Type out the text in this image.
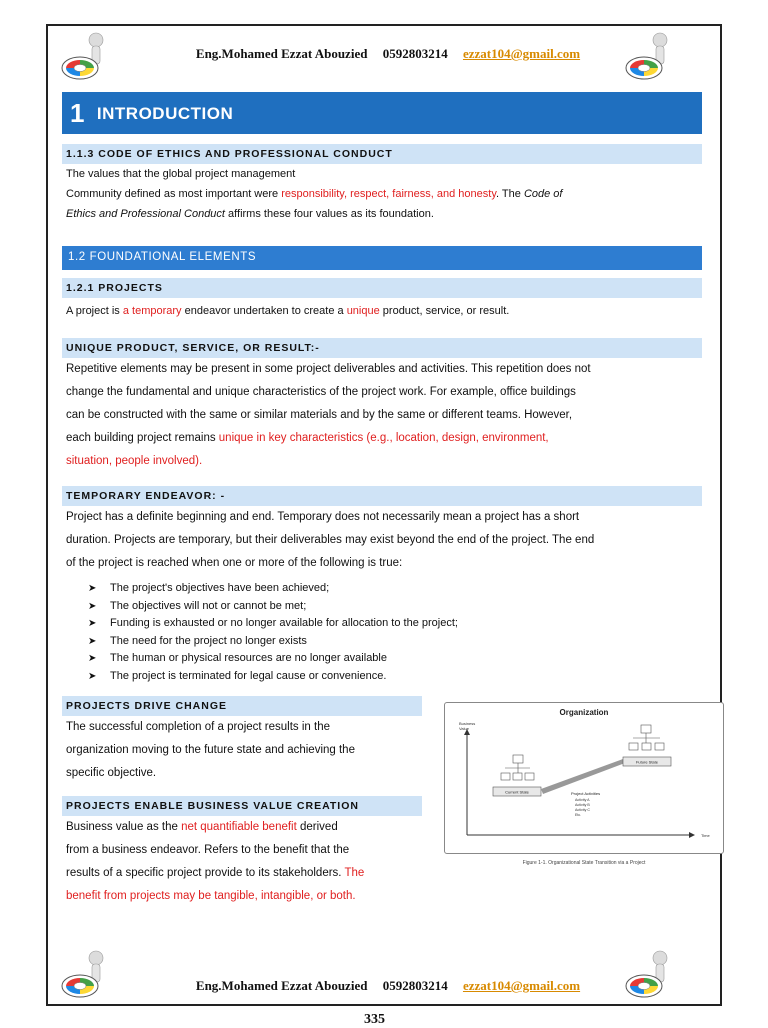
Eng.Mohamed Ezzat Abouzied 0592803214 ezzat104@gmail.com
1 INTRODUCTION
1.1.3 CODE OF ETHICS AND PROFESSIONAL CONDUCT
The values that the global project management
Community defined as most important were responsibility, respect, fairness, and honesty. The Code of
Ethics and Professional Conduct affirms these four values as its foundation.
1.2 FOUNDATIONAL ELEMENTS
1.2.1 PROJECTS
A project is a temporary endeavor undertaken to create a unique product, service, or result.
UNIQUE PRODUCT, SERVICE, OR RESULT:-
Repetitive elements may be present in some project deliverables and activities. This repetition does not
change the fundamental and unique characteristics of the project work. For example, office buildings
can be constructed with the same or similar materials and by the same or different teams. However,
each building project remains unique in key characteristics (e.g., location, design, environment,
situation, people involved).
TEMPORARY ENDEAVOR: -
Project has a definite beginning and end. Temporary does not necessarily mean a project has a short
duration. Projects are temporary, but their deliverables may exist beyond the end of the project. The end
of the project is reached when one or more of the following is true:
➤ The project's objectives have been achieved;
➤ The objectives will not or cannot be met;
➤ Funding is exhausted or no longer available for allocation to the project;
➤ The need for the project no longer exists
➤ The human or physical resources are no longer available
➤ The project is terminated for legal cause or convenience.
PROJECTS DRIVE CHANGE
The successful completion of a project results in the
organization moving to the future state and achieving the
specific objective.
PROJECTS ENABLE BUSINESS VALUE CREATION
Business value as the net quantifiable benefit derived
from a business endeavor. Refers to the benefit that the
results of a specific project provide to its stakeholders. The
benefit from projects may be tangible, intangible, or both.
Organization
Business
Value
Time
Current State
Future State
Project Activities
Activity A
Activity B
Activity C
Etc.
Figure 1-1. Organizational State Transition via a Project
Eng.Mohamed Ezzat Abouzied 0592803214 ezzat104@gmail.com
335
